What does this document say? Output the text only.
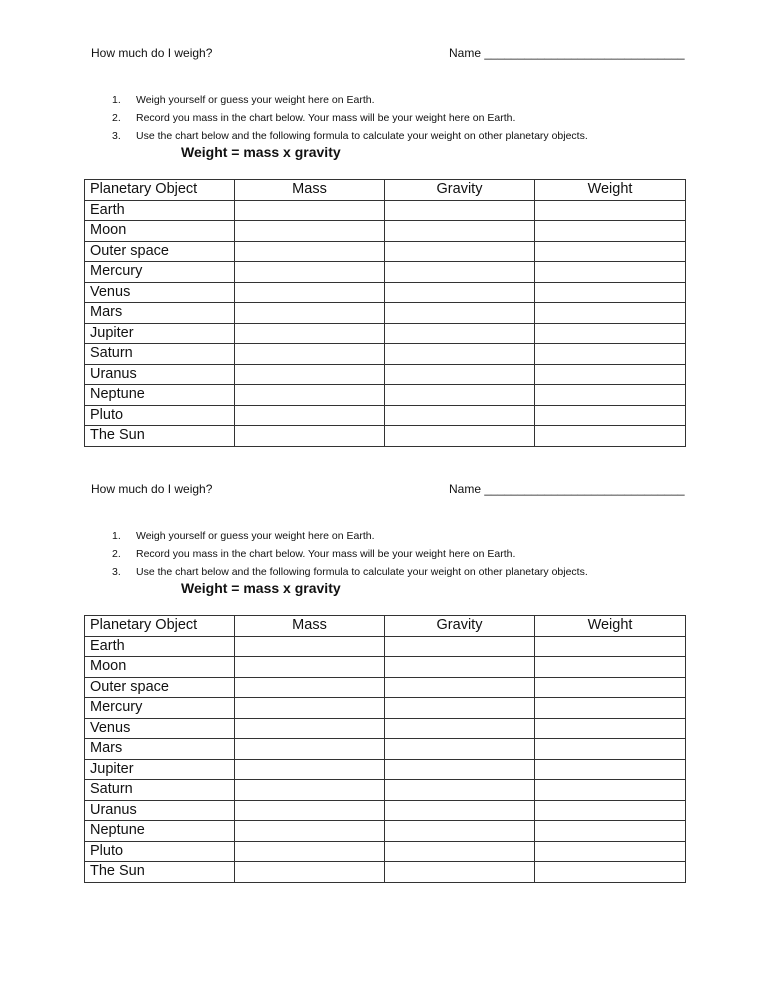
How much do I weigh?	Name ______________________________
1. Weigh yourself or guess your weight here on Earth.
2. Record you mass in the chart below. Your mass will be your weight here on Earth.
3. Use the chart below and the following formula to calculate your weight on other planetary objects.
Weight = mass x gravity
Planetary Object	Mass	Gravity	Weight
Earth			
Moon			
Outer space			
Mercury			
Venus			
Mars			
Jupiter			
Saturn			
Uranus			
Neptune			
Pluto			
The Sun			
How much do I weigh?	Name ______________________________
1. Weigh yourself or guess your weight here on Earth.
2. Record you mass in the chart below. Your mass will be your weight here on Earth.
3. Use the chart below and the following formula to calculate your weight on other planetary objects.
Weight = mass x gravity
Planetary Object	Mass	Gravity	Weight
Earth			
Moon			
Outer space			
Mercury			
Venus			
Mars			
Jupiter			
Saturn			
Uranus			
Neptune			
Pluto			
The Sun			
